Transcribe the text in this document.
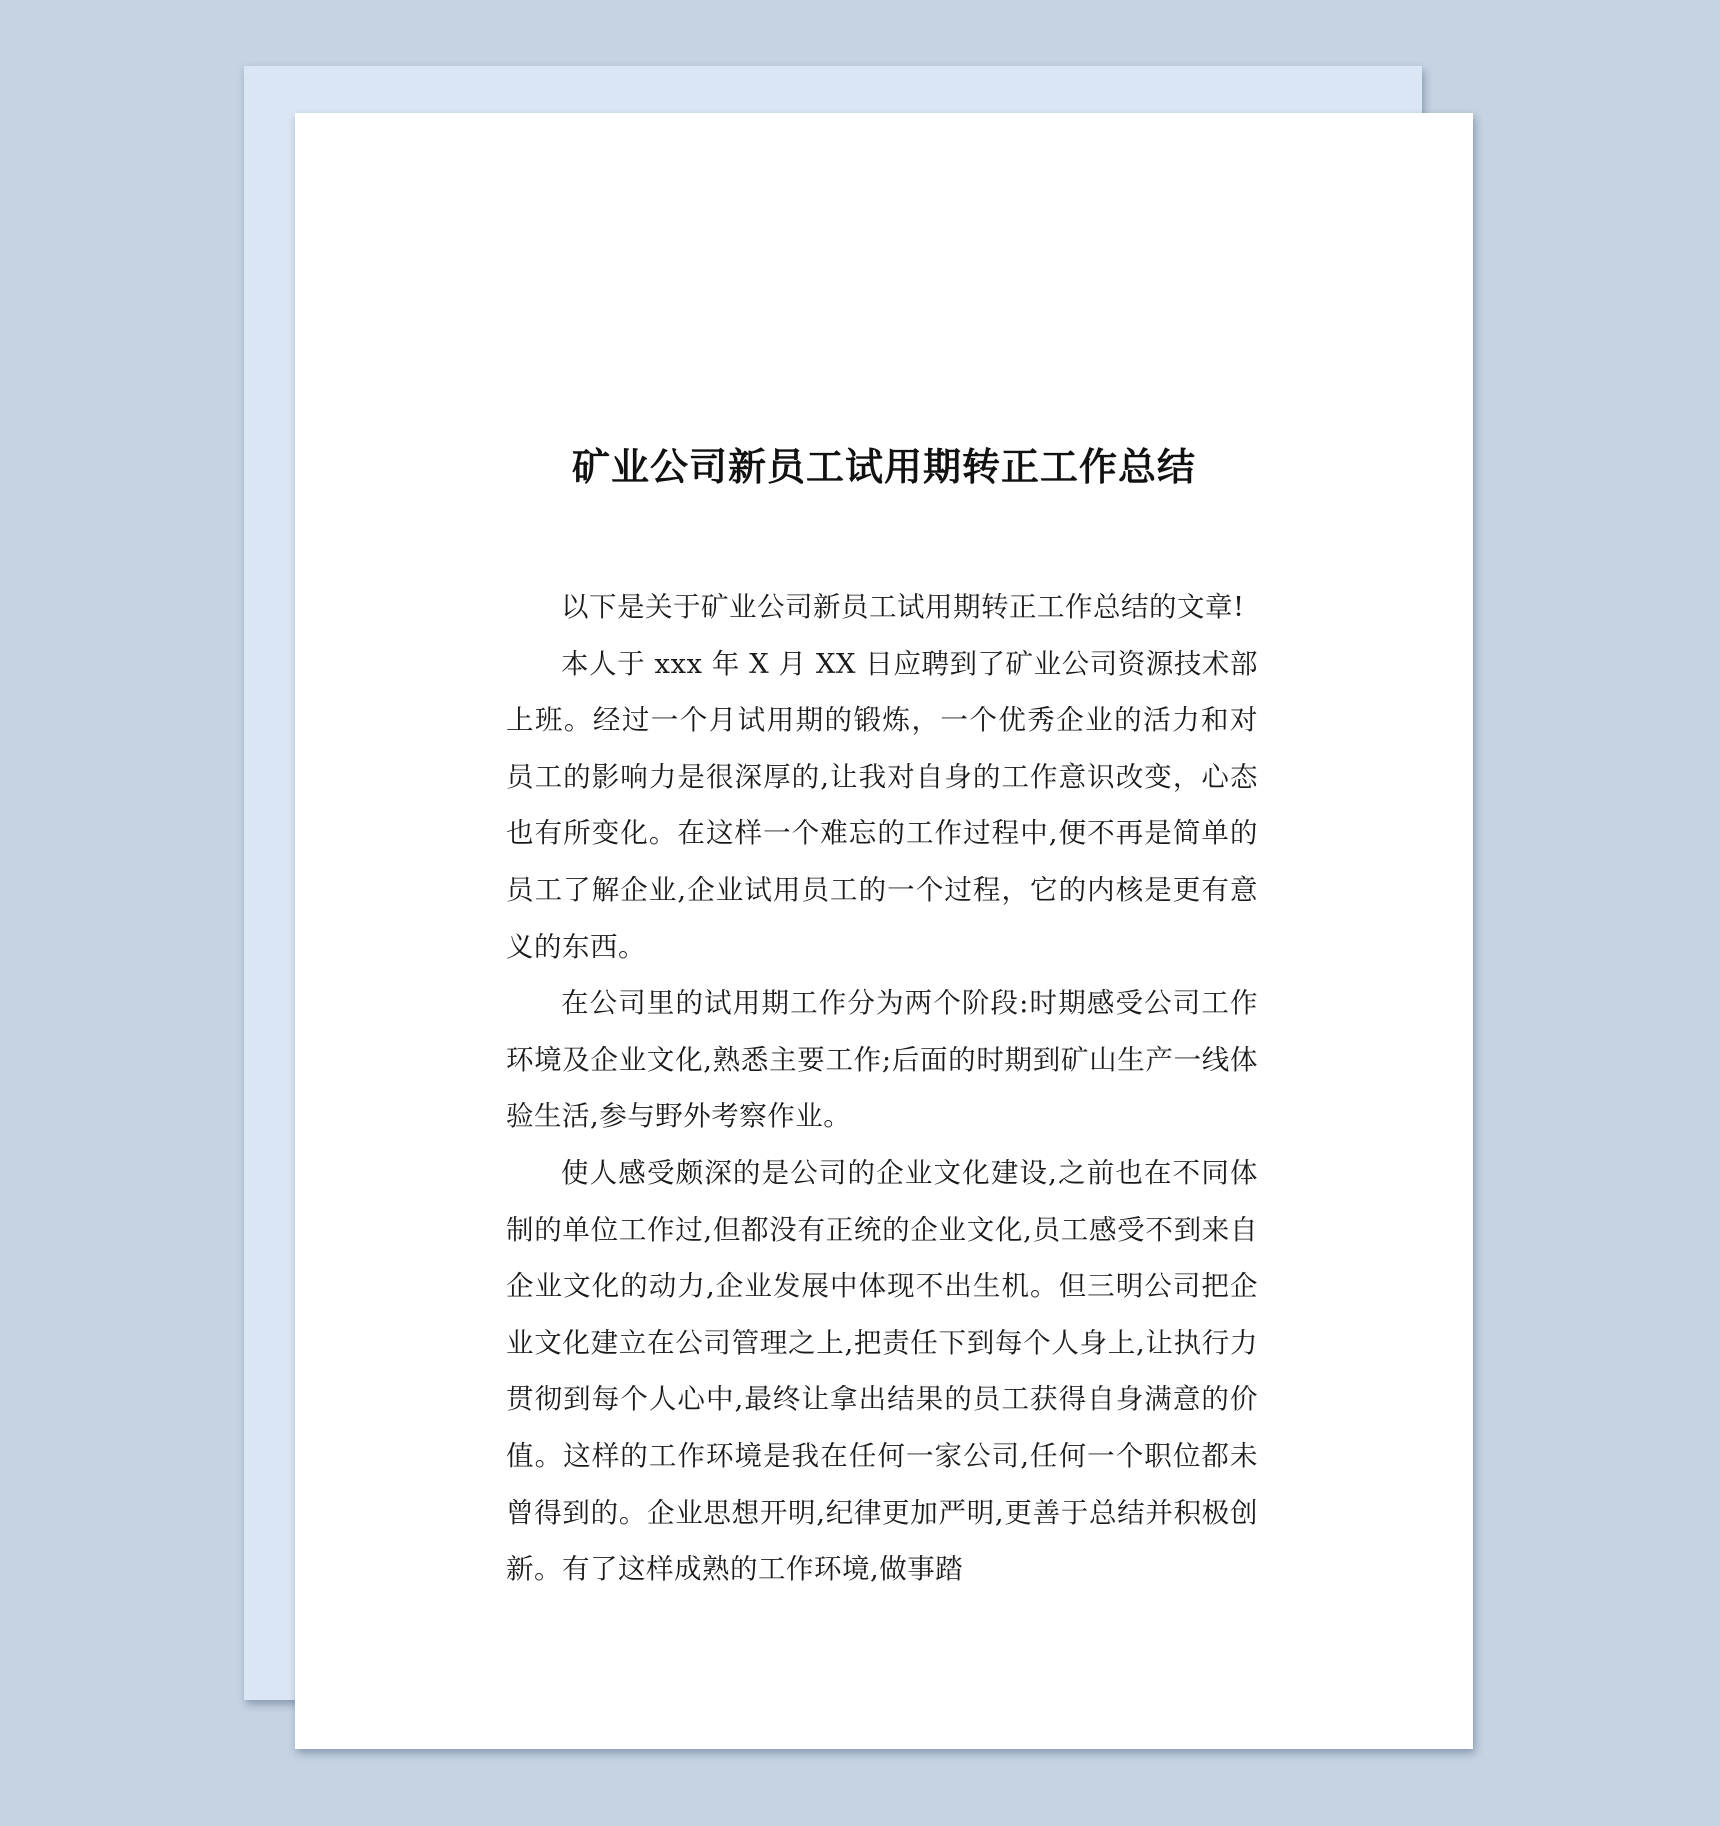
矿业公司新员工试用期转正工作总结

以下是关于矿业公司新员工试用期转正工作总结的文章!

本人于 xxx 年 X 月 XX 日应聘到了矿业公司资源技术部上班。经过一个月试用期的锻炼，一个优秀企业的活力和对员工的影响力是很深厚的,让我对自身的工作意识改变，心态也有所变化。在这样一个难忘的工作过程中,便不再是简单的员工了解企业,企业试用员工的一个过程，它的内核是更有意义的东西。

在公司里的试用期工作分为两个阶段:时期感受公司工作环境及企业文化,熟悉主要工作;后面的时期到矿山生产一线体验生活,参与野外考察作业。

使人感受颇深的是公司的企业文化建设,之前也在不同体制的单位工作过,但都没有正统的企业文化,员工感受不到来自企业文化的动力,企业发展中体现不出生机。但三明公司把企业文化建立在公司管理之上,把责任下到每个人身上,让执行力贯彻到每个人心中,最终让拿出结果的员工获得自身满意的价值。这样的工作环境是我在任何一家公司,任何一个职位都未曾得到的。企业思想开明,纪律更加严明,更善于总结并积极创新。有了这样成熟的工作环境,做事踏
